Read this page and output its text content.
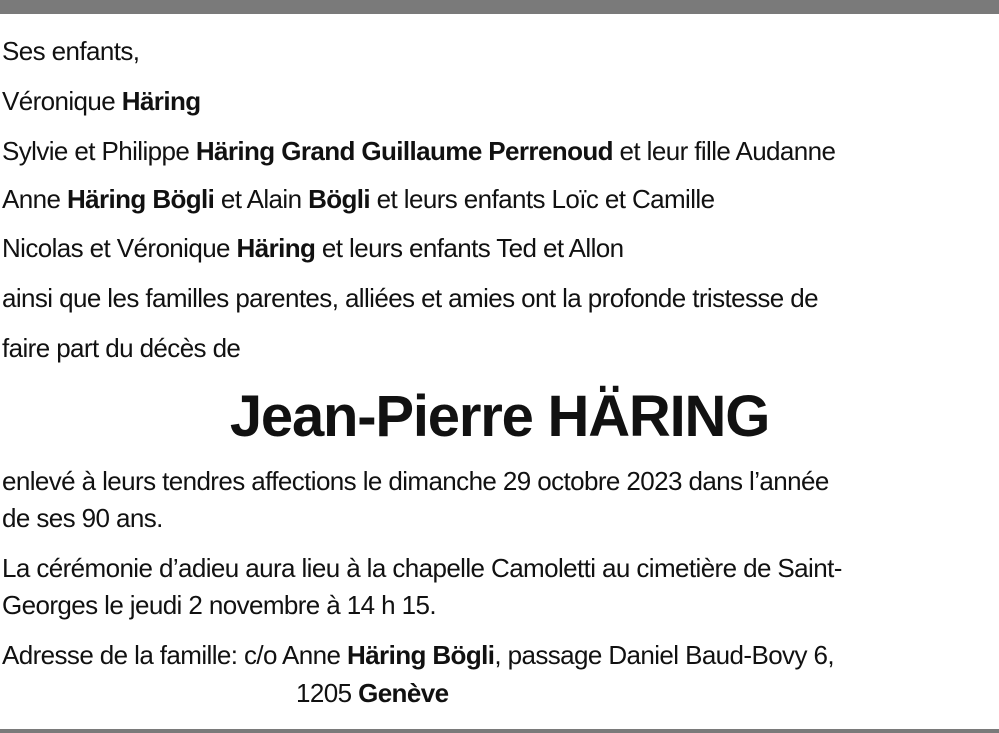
Ses enfants,
Véronique Häring
Sylvie et Philippe Häring Grand Guillaume Perrenoud et leur fille Audanne
Anne Häring Bögli et Alain Bögli et leurs enfants Loïc et Camille
Nicolas et Véronique Häring et leurs enfants Ted et Allon
ainsi que les familles parentes, alliées et amies ont la profonde tristesse de
faire part du décès de
Jean-Pierre HÄRING
enlevé à leurs tendres affections le dimanche 29 octobre 2023 dans l’année
de ses 90 ans.
La cérémonie d’adieu aura lieu à la chapelle Camoletti au cimetière de Saint-
Georges le jeudi 2 novembre à 14 h 15.
Adresse de la famille: c/o Anne Häring Bögli, passage Daniel Baud-Bovy 6,
1205 Genève
